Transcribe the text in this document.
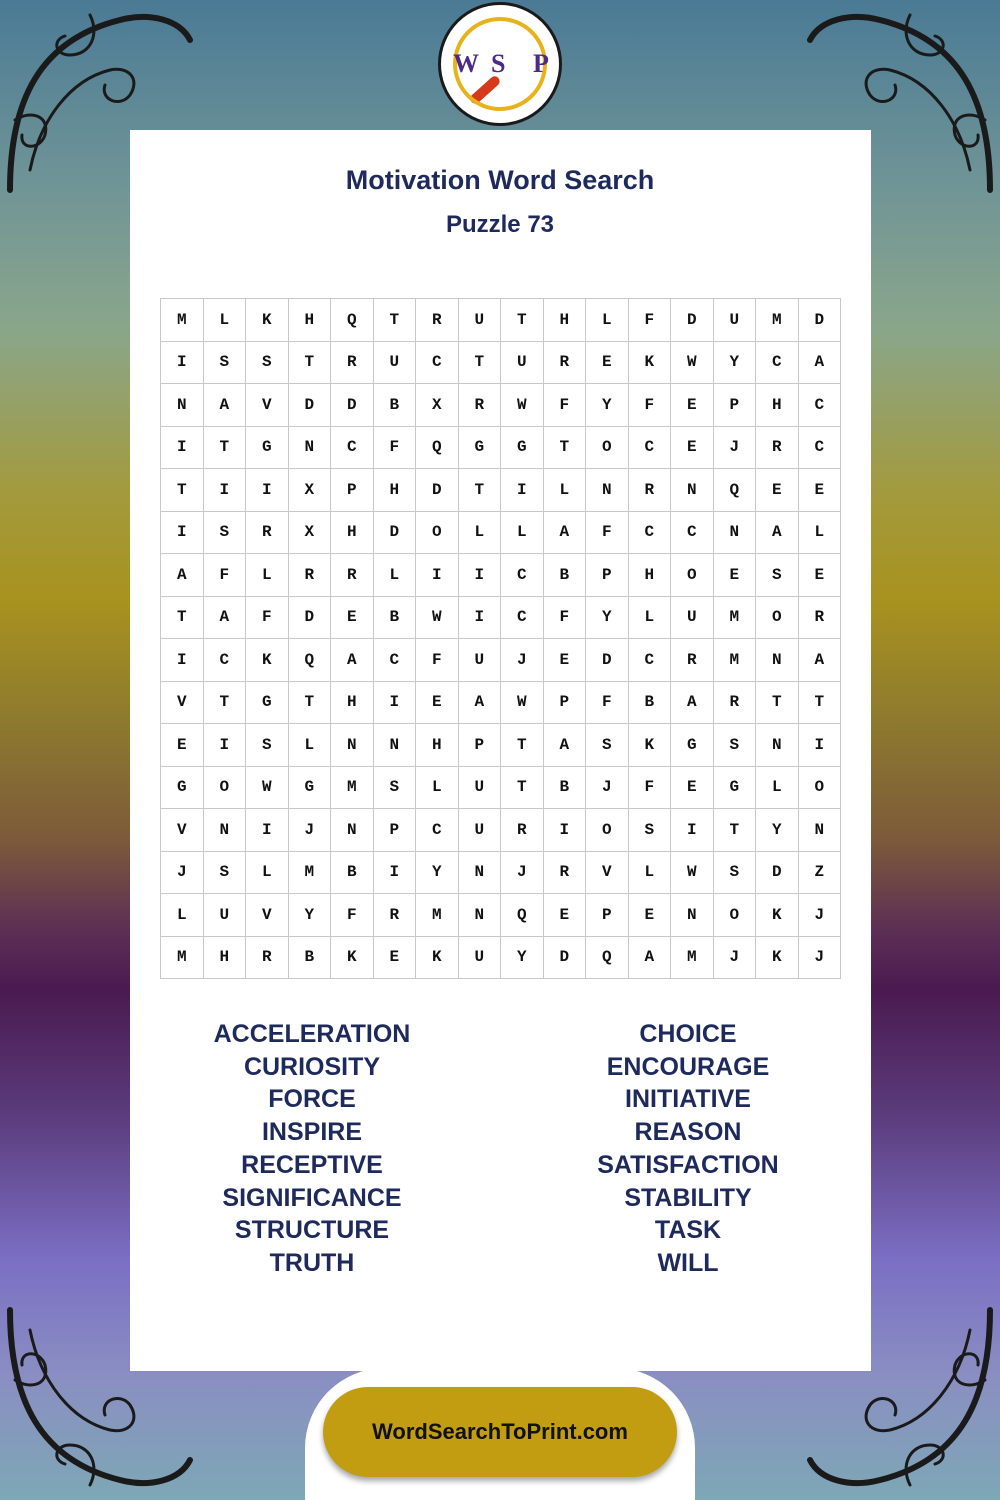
W S P
Motivation Word Search
Puzzle 73
M	L	K	H	Q	T	R	U	T	H	L	F	D	U	M	D
I	S	S	T	R	U	C	T	U	R	E	K	W	Y	C	A
N	A	V	D	D	B	X	R	W	F	Y	F	E	P	H	C
I	T	G	N	C	F	Q	G	G	T	O	C	E	J	R	C
T	I	I	X	P	H	D	T	I	L	N	R	N	Q	E	E
I	S	R	X	H	D	O	L	L	A	F	C	C	N	A	L
A	F	L	R	R	L	I	I	C	B	P	H	O	E	S	E
T	A	F	D	E	B	W	I	C	F	Y	L	U	M	O	R
I	C	K	Q	A	C	F	U	J	E	D	C	R	M	N	A
V	T	G	T	H	I	E	A	W	P	F	B	A	R	T	T
E	I	S	L	N	N	H	P	T	A	S	K	G	S	N	I
G	O	W	G	M	S	L	U	T	B	J	F	E	G	L	O
V	N	I	J	N	P	C	U	R	I	O	S	I	T	Y	N
J	S	L	M	B	I	Y	N	J	R	V	L	W	S	D	Z
L	U	V	Y	F	R	M	N	Q	E	P	E	N	O	K	J
M	H	R	B	K	E	K	U	Y	D	Q	A	M	J	K	J
ACCELERATION
CURIOSITY
FORCE
INSPIRE
RECEPTIVE
SIGNIFICANCE
STRUCTURE
TRUTH
CHOICE
ENCOURAGE
INITIATIVE
REASON
SATISFACTION
STABILITY
TASK
WILL
WordSearchToPrint.com
